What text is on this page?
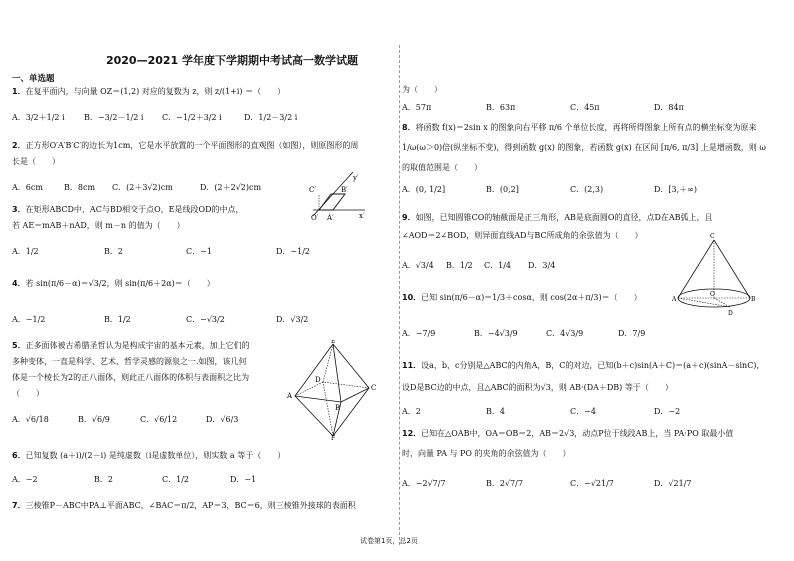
2020—2021 学年度下学期期中考试高一数学试题
一、单选题
1．在复平面内，与向量 OZ＝(1,2) 对应的复数为 z，则 z/(1+i) ＝（　　）
A．3/2＋1/2 i B．−3/2－1/2 i C．−1/2＋3/2 i	D．1/2－3/2 i
2．正方形O′A′B′C′的边长为1cm，它是水平放置的一个平面图形的直观图（如图），则原图形的周
长是（　　）
A．6cm	B．8cm C．(2＋3√2)cm	D．(2＋2√2)cm	C′	B′
O′ A′	x′
y′
3．在矩形ABCD中，AC与BD相交于点O，E是线段OD的中点，
若 AE＝mAB＋nAD，则 m－n 的值为（　　）
A．1/2	B．2	C．−1	D．−1/2
4．若 sin(π/6－α)＝√3/2，则 sin(π/6＋2α)＝（　　）
A．−1/2	B．1/2	C．−√3/2	D．√3/2
5．正多面体被古希腊圣哲认为是构成宇宙的基本元素，加上它们的
多种变体，一直是科学、艺术、哲学灵感的源泉之一.如图，该几何
体是一个棱长为2的正八面体，则此正八面体的体积与表面积之比为
（　　）
A．√6/18	B．√6/9	C．√6/12	D．√6/3
A
C
D
B
E
F
6．已知复数 (a＋i)/(2－i) 是纯虚数（i是虚数单位），则实数 a 等于（　　）
A．−2	B．2	C．1/2	D．−1
7．三棱锥P－ABC中PA⊥平面ABC，∠BAC＝π/2，AP＝3，BC＝6，则三棱锥外接球的表面积
为（　　）
A．57π	B．63π	C．45π	D．84π
8．将函数 f(x)＝2sin x 的图象向右平移 π/6 个单位长度，再将所得图象上所有点的横坐标变为原来
1/ω(ω＞0)倍(纵坐标不变)，得到函数 g(x) 的图象，若函数 g(x) 在区间 [π/6, π/3] 上是增函数，则 ω
的取值范围是（　　）
A．(0, 1/2]	B．(0,2]	C．(2,3)	D．[3,＋∞)
9．如图，已知圆锥CO的轴截面是正三角形，AB是底面圆O的直径，点D在AB弧上，且
∠AOD＝2∠BOD，则异面直线AD与BC所成角的余弦值为（　　）
A．√3/4 B．1/2 C．1/4 D．3/4
C
A	B
O
D
10．已知 sin(π/6－α)＝1/3＋cosα，则 cos(2α＋π/3)＝（　　）
A．−7/9	B．−4√3/9	C．4√3/9	D．7/9
11．设a，b，c分别是△ABC的内角A，B，C的对边，已知(b＋c)sin(A＋C)＝(a＋c)(sinA－sinC)，
设D是BC边的中点，且△ABC的面积为√3，则 AB·(DA＋DB) 等于（　　）
A．2	B．4	C．−4	D．−2
12．已知在△OAB中，OA＝OB＝2，AB＝2√3，动点P位于线段AB上，当 PA·PO 取最小值
时，向量 PA 与 PO 的夹角的余弦值为（　　）
A．−2√7/7	B．2√7/7	C．−√21/7	D．√21/7
试卷第1页，总2页
